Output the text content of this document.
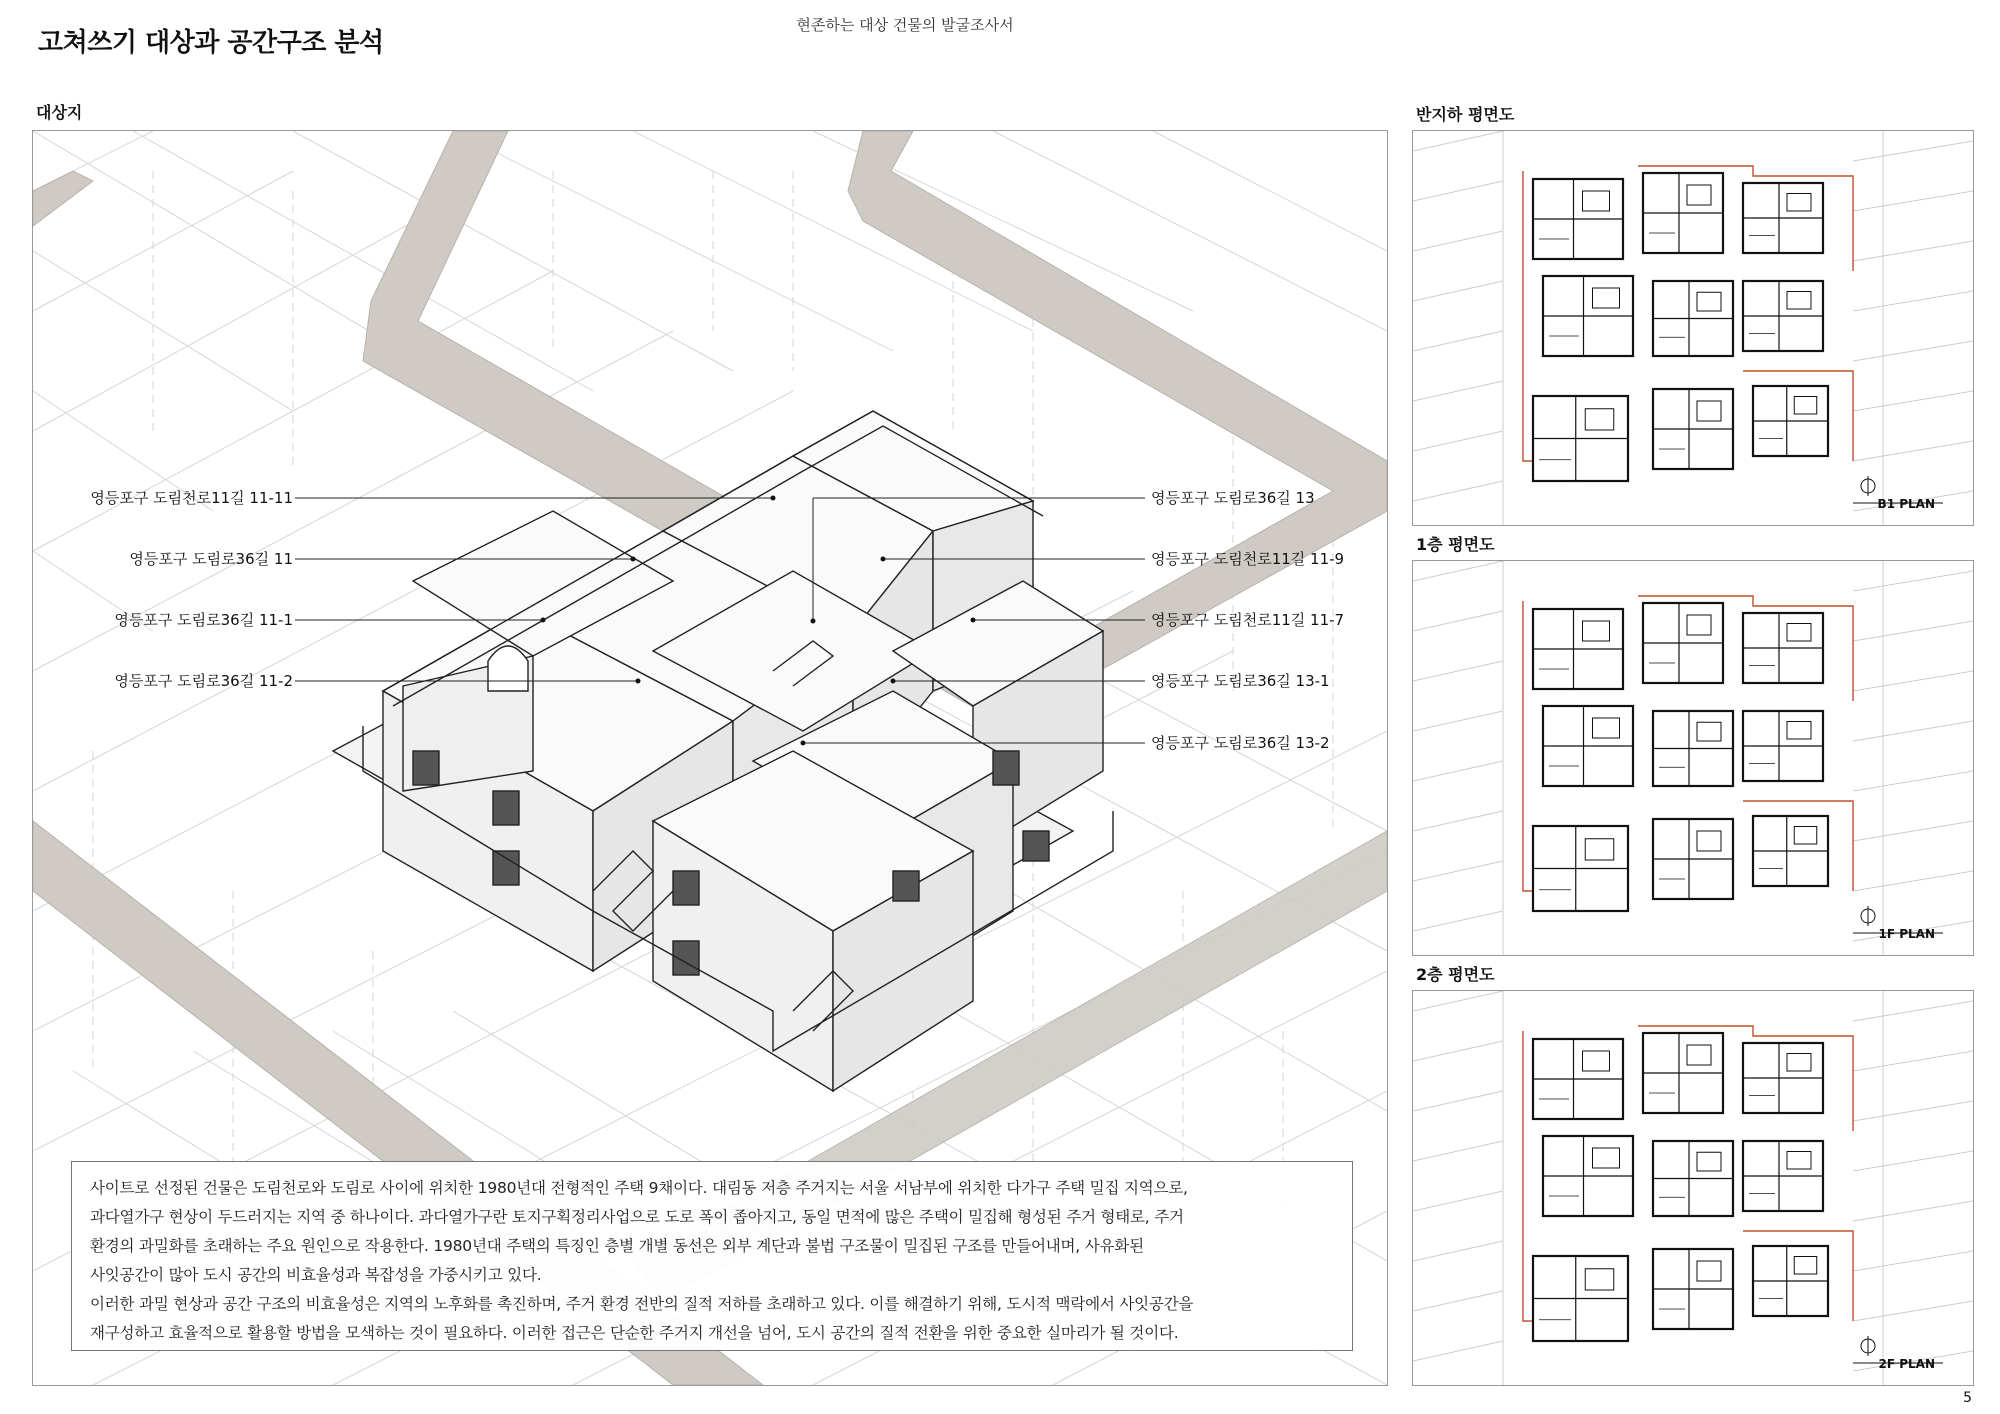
고쳐쓰기 대상과 공간구조 분석
현존하는 대상 건물의 발굴조사서
대상지
영등포구 도림천로11길 11-11
영등포구 도림로36길 11
영등포구 도림로36길 11-1
영등포구 도림로36길 11-2
영등포구 도림로36길 13
영등포구 도림천로11길 11-9
영등포구 도림천로11길 11-7
영등포구 도림로36길 13-1
영등포구 도림로36길 13-2

사이트로 선정된 건물은 도림천로와 도림로 사이에 위치한 1980년대 전형적인 주택 9채이다. 대림동 저층 주거지는 서울 서남부에 위치한 다가구 주택 밀집 지역으로,

과다열가구 현상이 두드러지는 지역 중 하나이다. 과다열가구란 토지구획정리사업으로 도로 폭이 좁아지고, 동일 면적에 많은 주택이 밀집해 형성된 주거 형태로, 주거

환경의 과밀화를 초래하는 주요 원인으로 작용한다. 1980년대 주택의 특징인 층별 개별 동선은 외부 계단과 불법 구조물이 밀집된 구조를 만들어내며, 사유화된

사잇공간이 많아 도시 공간의 비효율성과 복잡성을 가중시키고 있다.

이러한 과밀 현상과 공간 구조의 비효율성은 지역의 노후화를 촉진하며, 주거 환경 전반의 질적 저하를 초래하고 있다. 이를 해결하기 위해, 도시적 맥락에서 사잇공간을

재구성하고 효율적으로 활용할 방법을 모색하는 것이 필요하다. 이러한 접근은 단순한 주거지 개선을 넘어, 도시 공간의 질적 전환을 위한 중요한 실마리가 될 것이다.

반지하 평면도
B1 PLAN
1층 평면도
1F PLAN
2층 평면도
2F PLAN
5
